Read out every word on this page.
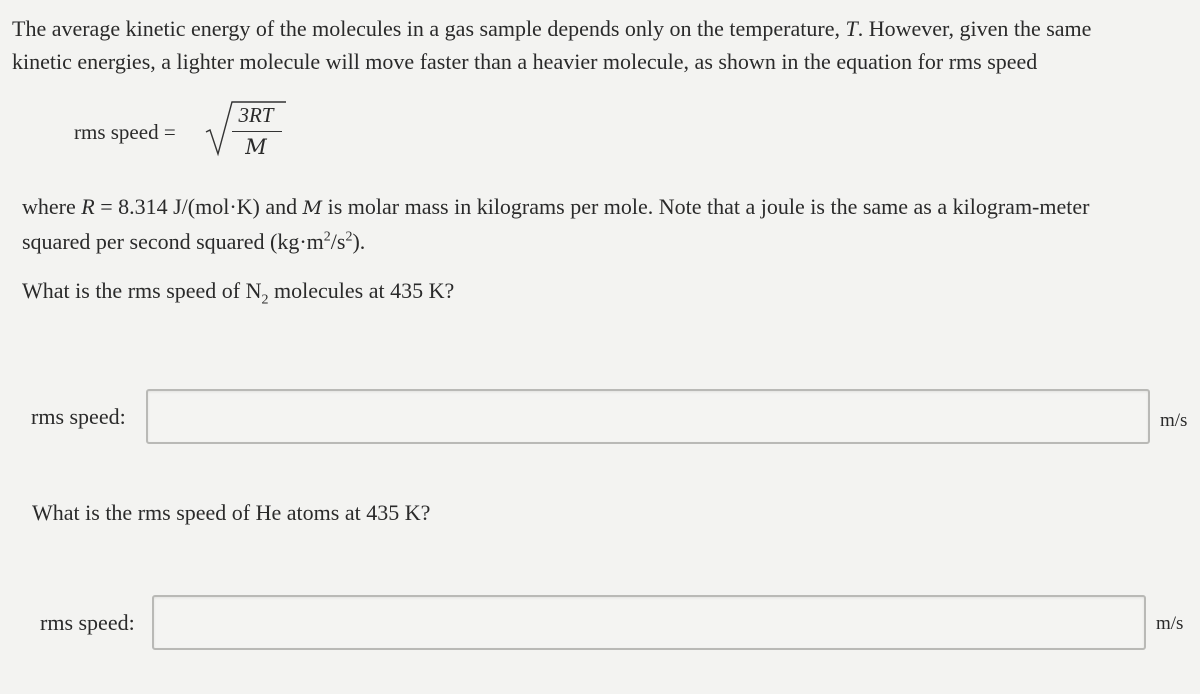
The average kinetic energy of the molecules in a gas sample depends only on the temperature, T. However, given the same
kinetic energies, a lighter molecule will move faster than a heavier molecule, as shown in the equation for rms speed
rms speed =
3RT
M
where R = 8.314 J/(mol·K) and M is molar mass in kilograms per mole. Note that a joule is the same as a kilogram-meter
squared per second squared $(kg\cdot m^2/s^2)$.
What is the rms speed of $N_2$ molecules at 435 K?
rms speed:	m/s
What is the rms speed of He atoms at 435 K?
rms speed:	m/s
